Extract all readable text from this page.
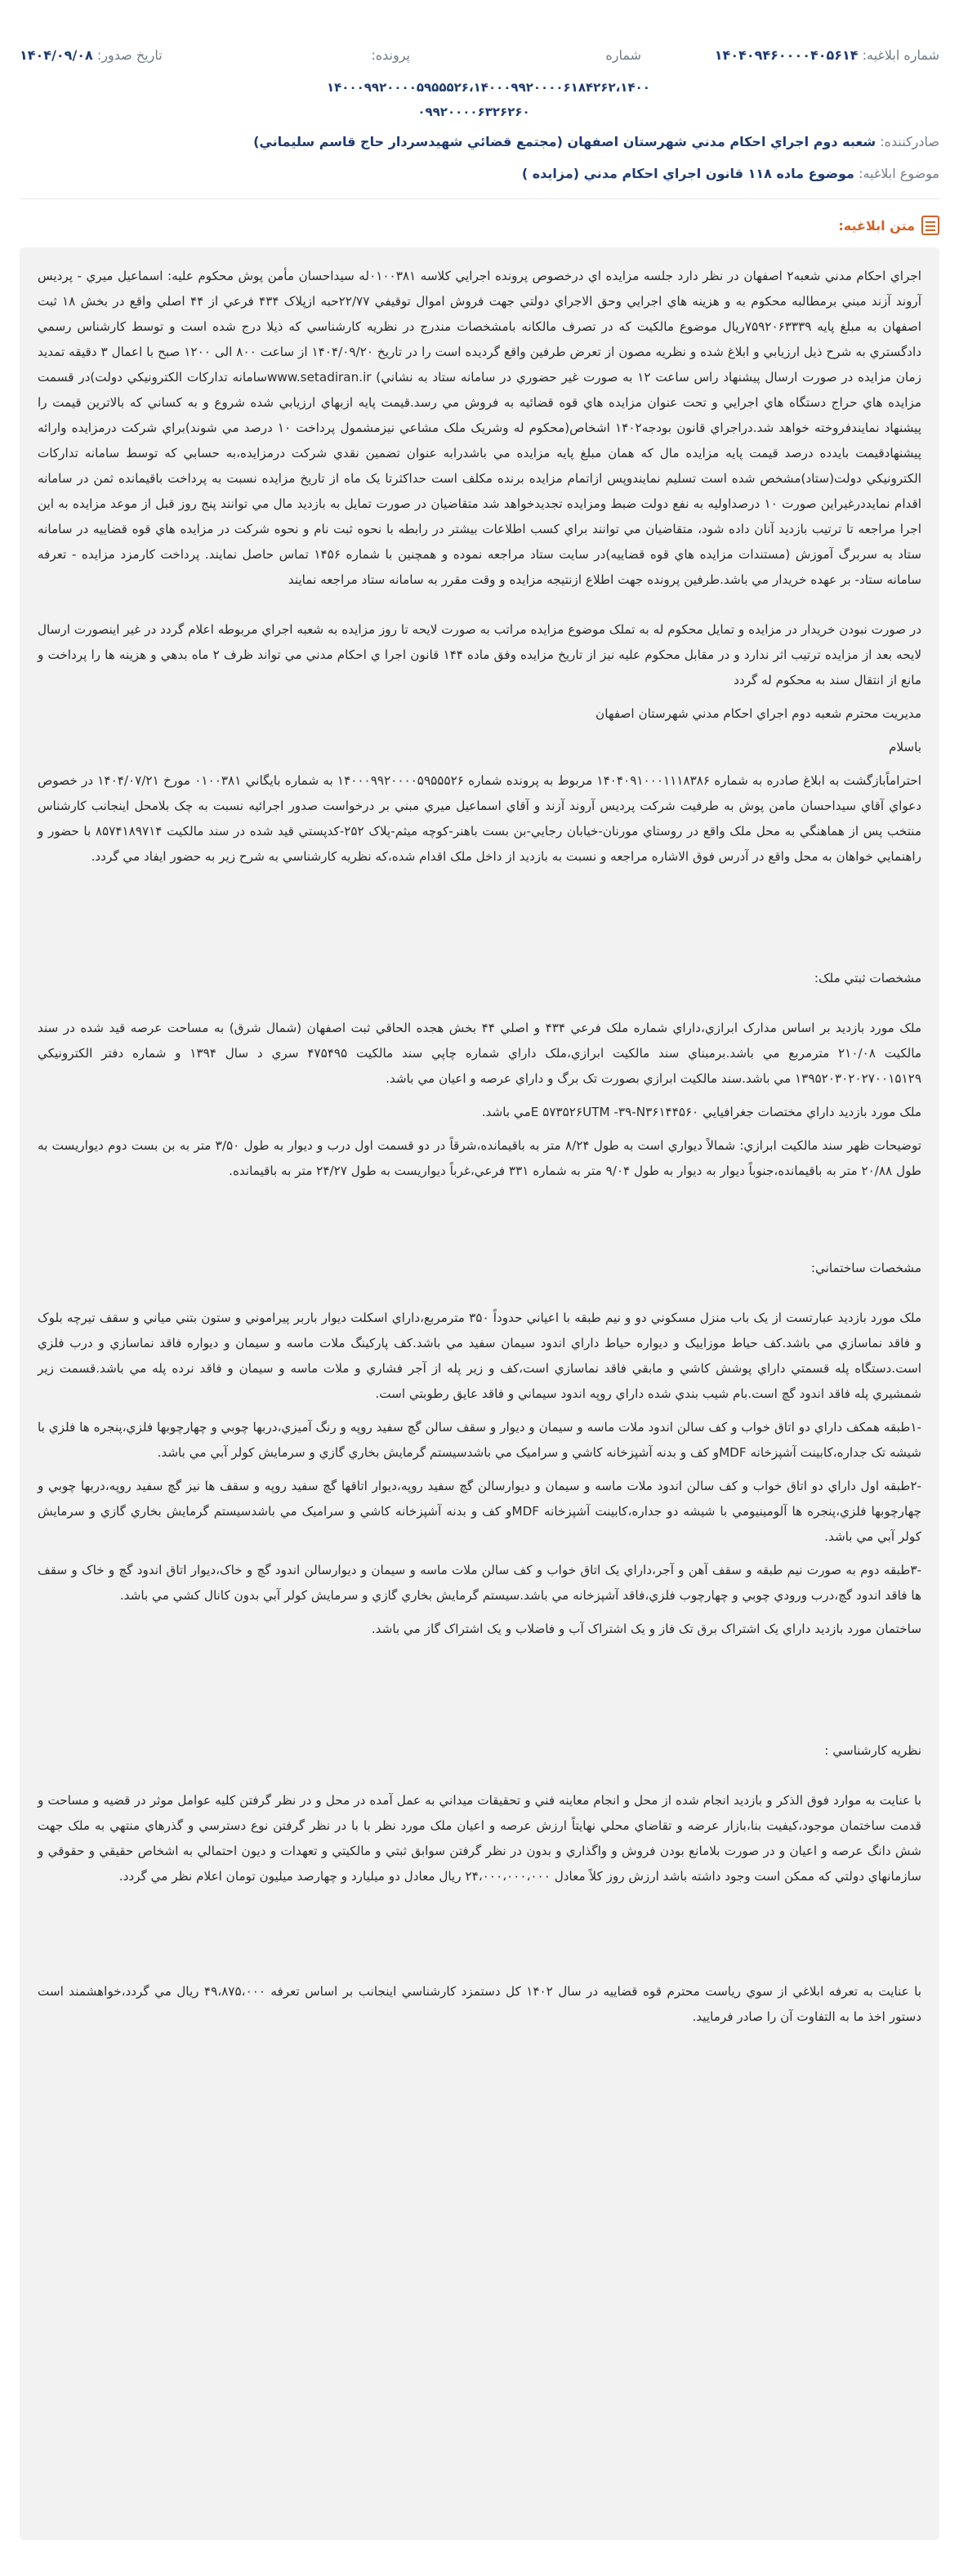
شماره ابلاغیه: ۱۴۰۴۰۹۴۶۰۰۰۰۴۰۵۶۱۴
شماره
پرونده:
تاریخ صدور: ۱۴۰۴/۰۹/۰۸
۱۴۰۰۰۹۹۲۰۰۰۰۵۹۵۵۵۲۶،۱۴۰۰۰۹۹۲۰۰۰۰۶۱۸۴۲۶۲،۱۴۰۰
۰۹۹۲۰۰۰۰۶۳۲۶۲۶۰
صادرکننده: شعبه دوم اجراي احكام مدني شهرستان اصفهان (مجتمع قضائي شهيدسردار حاج قاسم سليماني)
موضوع ابلاغیه: موضوع ماده ۱۱۸ قانون اجراي احكام مدني (مزايده )
متن ابلاغیه:

اجراي احكام مدني شعبه۲ اصفهان در نظر دارد جلسه مزايده اي درخصوص پرونده اجرايي كلاسه ۰۱۰۰۳۸۱له سيداحسان مأمن پوش محكوم عليه: اسماعيل ميري - پرديس آروند آزند مبني برمطالبه محكوم به و هزينه هاي اجرايي وحق الاجراي دولتي جهت فروش اموال توقيفي ۲۲/۷۷حبه ازپلاک ۴۳۴ فرعي از ۴۴ اصلي واقع در بخش ۱۸ ثبت اصفهان به مبلغ پايه ۷۵۹۲۰۶۳۳۳۹ریال موضوع مالكيت كه در تصرف مالكانه بامشخصات مندرج در نظريه كارشناسي كه ذيلا درج شده است و توسط كارشناس رسمي دادگستري به شرح ذيل ارزيابي و ابلاغ شده و نظريه مصون از تعرض طرفين واقع گرديده است را در تاريخ ۱۴۰۴/۰۹/۲۰ از ساعت ۸۰۰ الی ۱۲۰۰ صبح با اعمال ۳ دقيقه تمديد زمان مزايده در صورت ارسال پيشنهاد راس ساعت ۱۲ به صورت غير حضوري در سامانه ستاد به نشاني) www.setadiran.irسامانه تداركات الكترونيكي دولت)در قسمت مزايده هاي حراج دستگاه هاي اجرايي و تحت عنوان مزايده هاي قوه قضائيه به فروش مي رسد.قيمت پايه ازبهاي ارزيابي شده شروع و به كساني كه بالاترين قيمت را پيشنهاد نمايندفروخته خواهد شد.دراجراي قانون بودجه۱۴۰۲ اشخاص(محكوم له وشريک ملک مشاعي نيزمشمول پرداخت ۱۰ درصد مي شوند)براي شركت درمزايده وارائه پيشنهادقيمت بايدده درصد قيمت پايه مزايده مال كه همان مبلغ پايه مزايده مي باشدرابه عنوان تضمين نقدي شركت درمزايده،به حسابي كه توسط سامانه تداركات الكترونيكي دولت(ستاد)مشخص شده است تسليم نمايندوپس ازاتمام مزايده برنده مكلف است حداكثرتا يک ماه از تاريخ مزايده نسبت به پرداخت باقيمانده ثمن در سامانه اقدام نمايددرغيراين صورت ۱۰ درصداوليه به نفع دولت ضبط ومزايده تجديدخواهد شد متقاضيان در صورت تمايل به بازديد مال مي توانند پنج روز قبل از موعد مزايده به اين اجرا مراجعه تا ترتيب بازديد آنان داده شود، متقاضيان مي توانند براي كسب اطلاعات بيشتر در رابطه با نحوه ثبت نام و نحوه شركت در مزايده هاي قوه قضاييه در سامانه ستاد به سربرگ آموزش (مستندات مزايده هاي قوه قضاييه)در سايت ستاد مراجعه نموده و همچنين با شماره ۱۴۵۶ تماس حاصل نمايند. پرداخت كارمزد مزايده - تعرفه سامانه ستاد- بر عهده خريدار مي باشد.طرفين پرونده جهت اطلاع ازنتيجه مزايده و وقت مقرر به سامانه ستاد مراجعه نمايند

در صورت نبودن خريدار در مزايده و تمايل محكوم له به تملک موضوع مزايده مراتب به صورت لايحه تا روز مزايده به شعبه اجراي مربوطه اعلام گردد در غير اينصورت ارسال لايحه بعد از مزايده ترتيب اثر ندارد و در مقابل محكوم عليه نيز از تاريخ مزايده وفق ماده ۱۴۴ قانون اجرا ي احكام مدني مي تواند ظرف ۲ ماه بدهي و هزينه ها را پرداخت و مانع از انتقال سند به محكوم له گردد

مديريت محترم شعبه دوم اجراي احكام مدني شهرستان اصفهان

باسلام

احتراماًبازگشت به ابلاغ صادره به شماره ۱۴۰۴۰۹۱۰۰۰۱۱۱۸۳۸۶ مربوط به پرونده شماره ۱۴۰۰۰۹۹۲۰۰۰۰۵۹۵۵۵۲۶ به شماره بايگاني ۰۱۰۰۳۸۱ مورخ ۱۴۰۴/۰۷/۲۱ در خصوص دعواي آقاي سيداحسان مامن پوش به طرفيت شركت پرديس آروند آزند و آقاي اسماعيل ميري مبني بر درخواست صدور اجرائيه نسبت به چک بلامحل اينجانب كارشناس منتخب پس از هماهنگي به محل ملک واقع در روستاي مورنان-خيابان رجايي-بن بست باهنر-كوچه ميثم-پلاک ۲۵۲-كدپستي قيد شده در سند مالكيت ۸۵۷۴۱۸۹۷۱۴ با حضور و راهنمايي خواهان به محل واقع در آدرس فوق الاشاره مراجعه و نسبت به بازديد از داخل ملک اقدام شده،كه نظريه كارشناسي به شرح زير به حضور ايفاد مي گردد.

مشخصات ثبتي ملک:

ملک مورد بازديد بر اساس مدارک ابرازي،داراي شماره ملک فرعي ۴۳۴ و اصلي ۴۴ بخش هجده الحاقي ثبت اصفهان (شمال شرق) به مساحت عرصه قيد شده در سند مالكيت ۲۱۰/۰۸ مترمربع مي باشد.برمبناي سند مالكيت ابرازي،ملک داراي شماره چاپي سند مالكيت ۴۷۵۴۹۵ سري د سال ۱۳۹۴ و شماره دفتر الكترونيكي ۱۳۹۵۲۰۳۰۲۰۲۷۰۰۱۵۱۲۹ مي باشد.سند مالكيت ابرازي بصورت تک برگ و داراي عرصه و اعيان مي باشد.

ملک مورد بازديد داراي مختصات جغرافيايي E ۵۷۳۵۲۶UTM -۳۹-N۳۶۱۴۴۵۶۰مي باشد.

توضيحات ظهر سند مالكيت ابرازي: شمالاً ديواري است به طول ۸/۲۴ متر به باقيمانده،شرقاً در دو قسمت اول درب و ديوار به طول ۳/۵۰ متر به بن بست دوم ديواريست به طول ۲۰/۸۸ متر به باقيمانده،جنوباً ديوار به ديوار به طول ۹/۰۴ متر به شماره ۳۳۱ فرعي،غرباً ديواريست به طول ۲۴/۲۷ متر به باقيمانده.

مشخصات ساختماني:

ملک مورد بازديد عبارتست از يک باب منزل مسكوني دو و نيم طبقه با اعياني حدوداً ۳۵۰ مترمربع،داراي اسكلت ديوار باربر پيراموني و ستون بتني مياني و سقف تيرچه بلوک و فاقد نماسازي مي باشد.كف حياط موزاييک و ديواره حياط داراي اندود سيمان سفيد مي باشد.كف پاركينگ ملات ماسه و سيمان و ديواره فاقد نماسازي و درب فلزي است.دستگاه پله قسمتي داراي پوشش كاشي و مابقي فاقد نماسازي است،كف و زير پله از آجر فشاري و ملات ماسه و سيمان و فاقد نرده پله مي باشد.قسمت زير شمشيري پله فاقد اندود گچ است.بام شيب بندي شده داراي روپه اندود سيماني و فاقد عايق رطوبتي است.

-۱طبقه همكف داراي دو اتاق خواب و كف سالن اندود ملات ماسه و سيمان و ديوار و سقف سالن گچ سفيد روپه و رنگ آميزي،دربها چوبي و چهارچوبها فلزي،پنجره ها فلزي با شيشه تک جداره،كابينت آشپزخانه MDFو كف و بدنه آشپزخانه كاشي و سراميک مي باشدسيستم گرمايش بخاري گازي و سرمايش كولر آبي مي باشد.

-۲طبقه اول داراي دو اتاق خواب و كف سالن اندود ملات ماسه و سيمان و ديوارسالن گچ سفيد روپه،ديوار اتاقها گچ سفيد روپه و سقف ها نيز گچ سفيد روپه،دربها چوبي و چهارچوبها فلزي،پنجره ها آلومينيومي با شيشه دو جداره،كابينت آشپزخانه MDFو كف و بدنه آشپزخانه كاشي و سراميک مي باشدسيستم گرمايش بخاري گازي و سرمايش كولر آبي مي باشد.

-۳طبقه دوم به صورت نيم طبقه و سقف آهن و آجر،داراي يک اتاق خواب و كف سالن ملات ماسه و سيمان و ديوارسالن اندود گچ و خاک،ديوار اتاق اندود گچ و خاک و سقف ها فاقد اندود گچ،درب ورودي چوبي و چهارچوب فلزي،فاقد آشپزخانه مي باشد.سيستم گرمايش بخاري گازي و سرمايش كولر آبي بدون كانال كشي مي باشد.

ساختمان مورد بازديد داراي يک اشتراک برق تک فاز و يک اشتراک آب و فاضلاب و يک اشتراک گاز مي باشد.

نظريه كارشناسي :

با عنايت به موارد فوق الذكر و بازديد انجام شده از محل و انجام معاينه فني و تحقيقات ميداني به عمل آمده در محل و در نظر گرفتن كليه عوامل موثر در قضيه و مساحت و قدمت ساختمان موجود،كيفيت بنا،بازار عرضه و تقاضاي محلي نهايتاً ارزش عرصه و اعيان ملک مورد نظر با با در نظر گرفتن نوع دسترسي و گذرهاي منتهي به ملک جهت شش دانگ عرصه و اعيان و در صورت بلامانع بودن فروش و واگذاري و بدون در نظر گرفتن سوابق ثبتي و مالكيتي و تعهدات و ديون احتمالي به اشخاص حقيقي و حقوقي و سازمانهاي دولتي كه ممكن است وجود داشته باشد ارزش روز كلاً معادل ۲۴،۰۰۰،۰۰۰،۰۰۰ ريال معادل دو ميليارد و چهارصد ميليون تومان اعلام نظر مي گردد.

با عنايت به تعرفه ابلاغي از سوي رياست محترم قوه قضاييه در سال ۱۴۰۲ كل دستمزد كارشناسي اينجانب بر اساس تعرفه ۴۹،۸۷۵،۰۰۰ ريال مي گردد،خواهشمند است دستور اخذ ما به التفاوت آن را صادر فرماييد.
